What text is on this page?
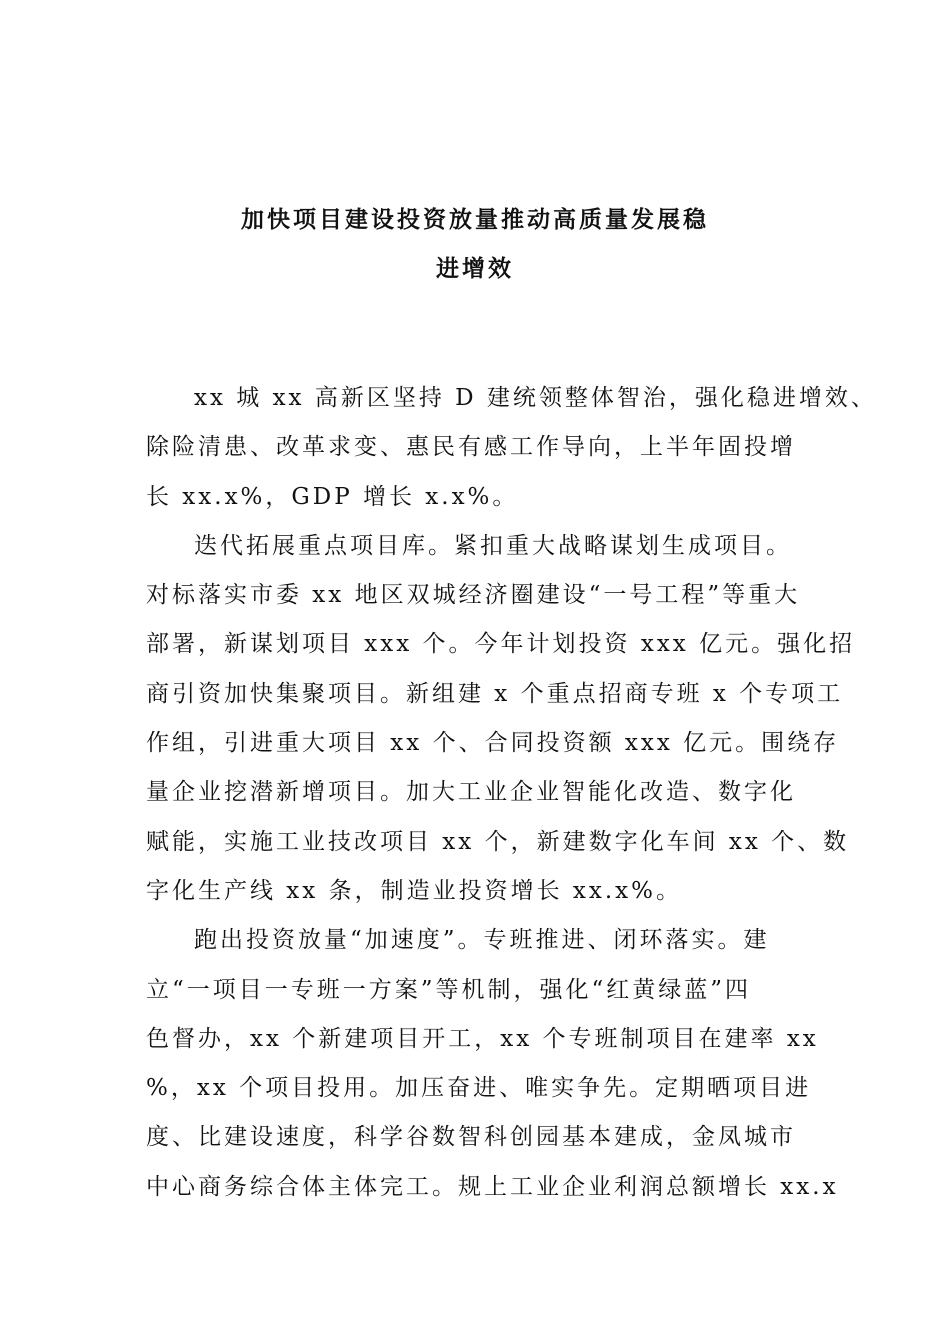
加快项目建设投资放量推动高质量发展稳
进增效

xx 城 xx 高新区坚持 D 建统领整体智治，强化稳进增效、
除险清患、改革求变、惠民有感工作导向，上半年固投增
长 xx.x%，GDP 增长 x.x%。

迭代拓展重点项目库。紧扣重大战略谋划生成项目。
对标落实市委 xx 地区双城经济圈建设“一号工程”等重大
部署，新谋划项目 xxx 个。今年计划投资 xxx 亿元。强化招
商引资加快集聚项目。新组建 x 个重点招商专班 x 个专项工
作组，引进重大项目 xx 个、合同投资额 xxx 亿元。围绕存
量企业挖潜新增项目。加大工业企业智能化改造、数字化
赋能，实施工业技改项目 xx 个，新建数字化车间 xx 个、数
字化生产线 xx 条，制造业投资增长 xx.x%。

跑出投资放量“加速度”。专班推进、闭环落实。建
立“一项目一专班一方案”等机制，强化“红黄绿蓝”四
色督办，xx 个新建项目开工，xx 个专班制项目在建率 xx
%，xx 个项目投用。加压奋进、唯实争先。定期晒项目进
度、比建设速度，科学谷数智科创园基本建成，金凤城市
中心商务综合体主体完工。规上工业企业利润总额增长 xx.x
